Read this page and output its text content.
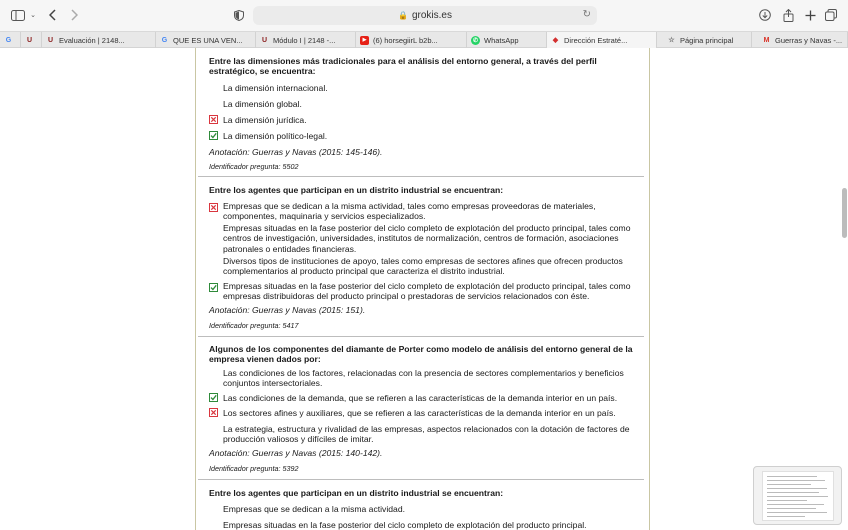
⌄	🔒 grokis.es	↻
G U U Evaluación | 2148...	G QUE ES UNA VEN...	U Módulo I | 2148 -...	▶ (6) horsegiirL b2b...	✆ WhatsApp	◆ Dirección Estraté...	☆ Página principal	M Guerras y Navas -...
Entre las dimensiones más tradicionales para el análisis del entorno general, a través del perfil estratégico, se encuentra:
La dimensión internacional.
La dimensión global.
La dimensión jurídica.
La dimensión político-legal.
Anotación: Guerras y Navas (2015: 145-146).
Identificador pregunta: 5502
Entre los agentes que participan en un distrito industrial se encuentran:
Empresas que se dedican a la misma actividad, tales como empresas proveedoras de materiales, componentes, maquinaria y servicios especializados.
Empresas situadas en la fase posterior del ciclo completo de explotación del producto principal, tales como centros de investigación, universidades, institutos de normalización, centros de formación, asociaciones patronales o entidades financieras.
Diversos tipos de instituciones de apoyo, tales como empresas de sectores afines que ofrecen productos complementarios al producto principal que caracteriza el distrito industrial.
Empresas situadas en la fase posterior del ciclo completo de explotación del producto principal, tales como empresas distribuidoras del producto principal o prestadoras de servicios relacionados con éste.
Anotación: Guerras y Navas (2015: 151).
Identificador pregunta: 5417
Algunos de los componentes del diamante de Porter como modelo de análisis del entorno general de la empresa vienen dados por:
Las condiciones de los factores, relacionadas con la presencia de sectores complementarios y beneficios conjuntos intersectoriales.
Las condiciones de la demanda, que se refieren a las características de la demanda interior en un país.
Los sectores afines y auxiliares, que se refieren a las características de la demanda interior en un país.
La estrategia, estructura y rivalidad de las empresas, aspectos relacionados con la dotación de factores de producción valiosos y difíciles de imitar.
Anotación: Guerras y Navas (2015: 140-142).
Identificador pregunta: 5392
Entre los agentes que participan en un distrito industrial se encuentran:
Empresas que se dedican a la misma actividad.
Empresas situadas en la fase posterior del ciclo completo de explotación del producto principal.
